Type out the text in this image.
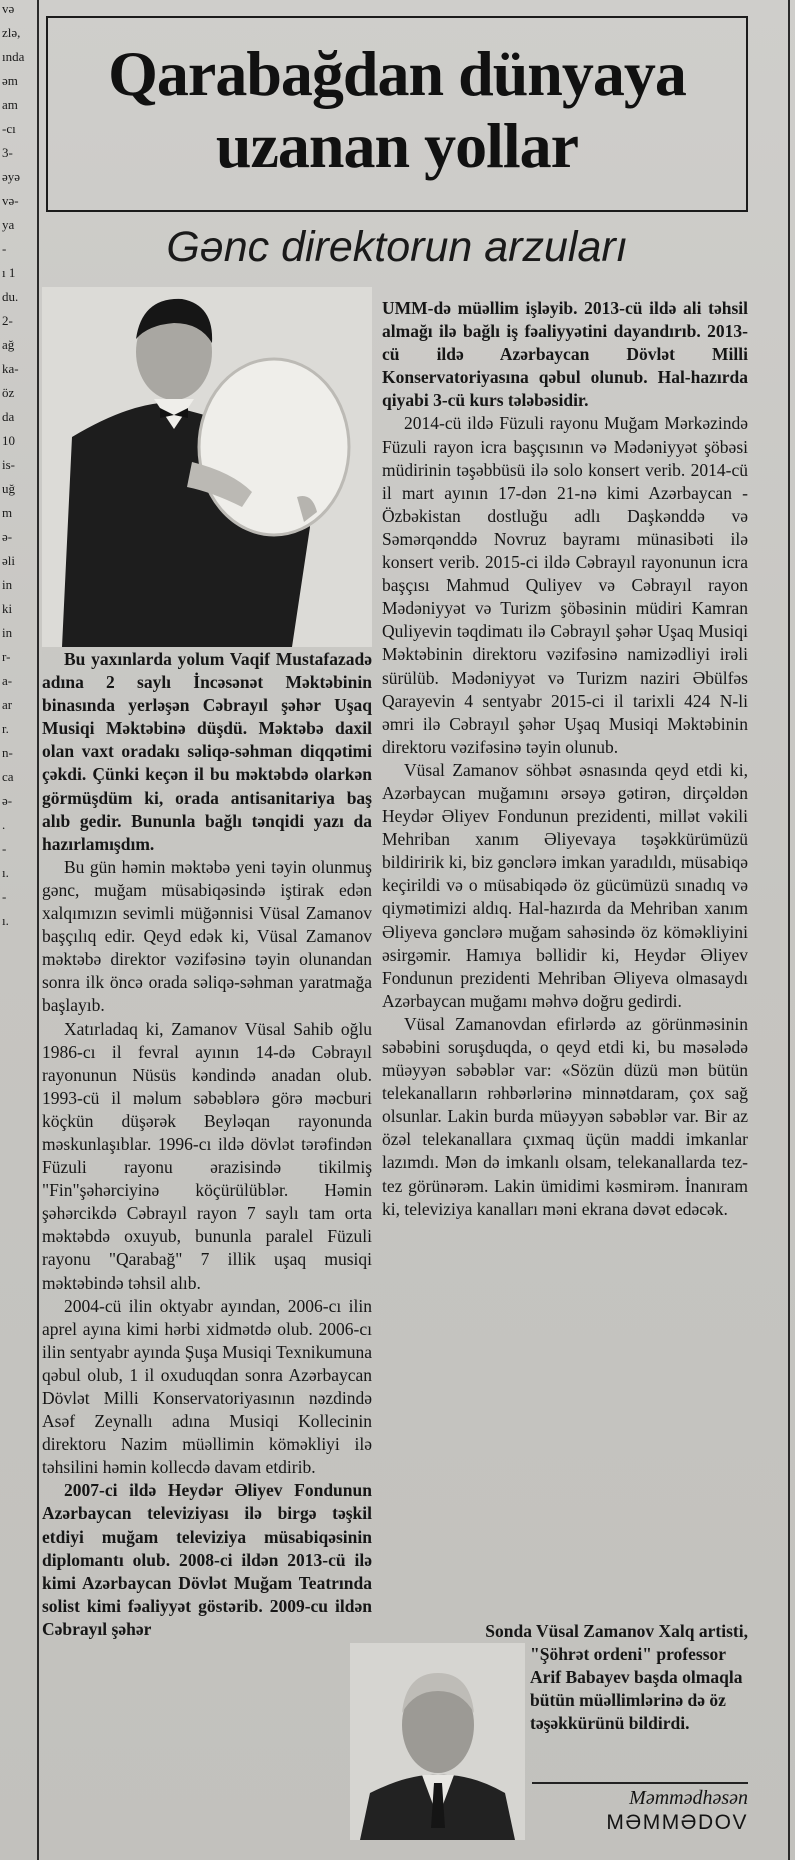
və
zlə,
ında
əm
am
-cı
3-
əyə
və-
yа
-
ı 1
du.
2-
ağ
ka-
öz
da
10
is-
uğ
m
ə-
əli
in
ki
in
r-
a-
ar
r.
n-
ca
ə-
.
-
ı.
-
ı.
Qarabağdan dünyaya
uzanan yollar
Gənc direktorun arzuları

Bu yaxınlarda yolum Vaqif Mustafazadə adına 2 saylı İncəsənət Məktəbinin binasında yerləşən Cəbrayıl şəhər Uşaq Musiqi Məktəbinə düşdü. Məktəbə daxil olan vaxt oradakı səliqə-səhman diqqətimi çəkdi. Çünki keçən il bu məktəbdə olarkən görmüşdüm ki, orada antisanitariya baş alıb gedir. Bununla bağlı tənqidi yazı da hazırlamışdım.

Bu gün həmin məktəbə yeni təyin olunmuş gənc, muğam müsabiqəsində iştirak edən xalqımızın sevimli müğənnisi Vüsal Zamanov başçılıq edir. Qeyd edək ki, Vüsal Zamanov məktəbə direktor vəzifəsinə təyin olunandan sonra ilk öncə orada səliqə-səhman yaratmağa başlayıb.

Xatırladaq ki, Zamanov Vüsal Sahib oğlu 1986-cı il fevral ayının 14-də Cəbrayıl rayonunun Nüsüs kəndində anadan olub. 1993-cü il məlum səbəblərə görə məcburi köçkün düşərək Beyləqan rayonunda məskunlaşıblar. 1996-cı ildə dövlət tərəfindən Füzuli rayonu ərazisində tikilmiş "Fin"şəhərciyinə köçürülüblər. Həmin şəhərcikdə Cəbrayıl rayon 7 saylı tam orta məktəbdə oxuyub, bununla paralel Füzuli rayonu "Qarabağ" 7 illik uşaq musiqi məktəbində təhsil alıb.

2004-cü ilin oktyabr ayından, 2006-cı ilin aprel ayına kimi hərbi xidmətdə olub. 2006-cı ilin sentyabr ayında Şuşa Musiqi Texnikumuna qəbul olub, 1 il oxuduqdan sonra Azərbaycan Dövlət Milli Konservatoriyasının nəzdində Asəf Zeynallı adına Musiqi Kollecinin direktoru Nazim müəllimin köməkliyi ilə təhsilini həmin kollecdə davam etdirib.

2007-ci ildə Heydər Əliyev Fondunun Azərbaycan televiziyası ilə birgə təşkil etdiyi muğam televiziya müsabiqəsinin diplomantı olub. 2008-ci ildən 2013-cü ilə kimi Azərbaycan Dövlət Muğam Teatrında solist kimi fəaliyyət göstərib. 2009-cu ildən Cəbrayıl şəhər

UMM-də müəllim işləyib. 2013-cü ildə ali təhsil almağı ilə bağlı iş fəaliyyətini dayandırıb. 2013-cü ildə Azərbaycan Dövlət Milli Konservatoriyasına qəbul olunub. Hal-hazırda qiyabi 3-cü kurs tələbəsidir.

2014-cü ildə Füzuli rayonu Muğam Mərkəzində Füzuli rayon icra başçısının və Mədəniyyət şöbəsi müdirinin təşəbbüsü ilə solo konsert verib. 2014-cü il mart ayının 17-dən 21-nə kimi Azərbaycan - Özbəkistan dostluğu adlı Daşkənddə və Səmərqənddə Novruz bayramı münasibəti ilə konsert verib. 2015-ci ildə Cəbrayıl rayonunun icra başçısı Mahmud Quliyev və Cəbrayıl rayon Mədəniyyət və Turizm şöbəsinin müdiri Kamran Quliyevin təqdimatı ilə Cəbrayıl şəhər Uşaq Musiqi Məktəbinin direktoru vəzifəsinə namizədliyi irəli sürülüb. Mədəniyyət və Turizm naziri Əbülfəs Qarayevin 4 sentyabr 2015-ci il tarixli 424 N-li əmri ilə Cəbrayıl şəhər Uşaq Musiqi Məktəbinin direktoru vəzifəsinə təyin olunub.

Vüsal Zamanov söhbət əsnasında qeyd etdi ki, Azərbaycan muğamını ərsəyə gətirən, dirçəldən Heydər Əliyev Fondunun prezidenti, millət vəkili Mehriban xanım Əliyevaya təşəkkürümüzü bildiririk ki, biz gənclərə imkan yaradıldı, müsabiqə keçirildi və o müsabiqədə öz gücümüzü sınadıq və qiymətimizi aldıq. Hal-hazırda da Mehriban xanım Əliyeva gənclərə muğam sahəsində öz köməkliyini əsirgəmir. Hamıya bəllidir ki, Heydər Əliyev Fondunun prezidenti Mehriban Əliyeva olmasaydı Azərbaycan muğamı məhvə doğru gedirdi.

Vüsal Zamanovdan efirlərdə az görünməsinin səbəbini soruşduqda, o qeyd etdi ki, bu məsələdə müəyyən səbəblər var: «Sözün düzü mən bütün telekanalların rəhbərlərinə minnətdaram, çox sağ olsunlar. Lakin burda müəyyən səbəblər var. Bir az özəl telekanallara çıxmaq üçün maddi imkanlar lazımdı. Mən də imkanlı olsam, telekanallarda tez-tez görünərəm. Lakin ümidimi kəsmirəm. İnanıram ki, televiziya kanalları məni ekrana dəvət edəcək.

Sonda Vüsal Zamanov Xalq artisti,
"Şöhrət ordeni" professor Arif Babayev başda olmaqla bütün müəllimlərinə də öz təşəkkürünü bildirdi.
Məmmədhəsən
MƏMMƏDOV
